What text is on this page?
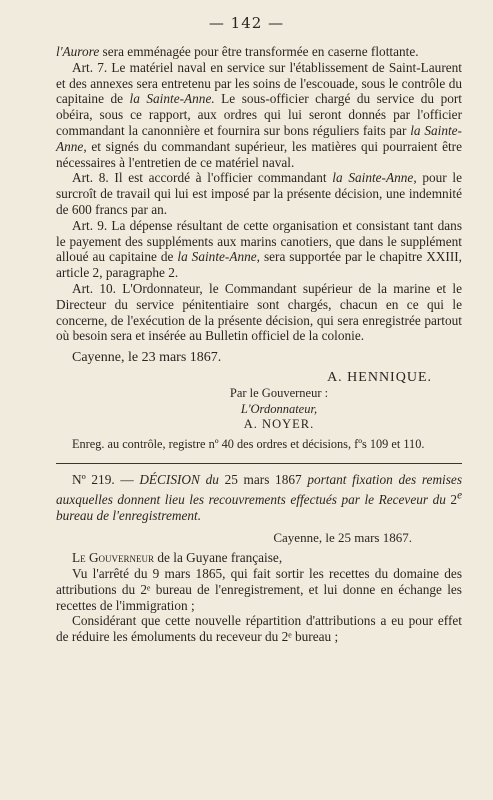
— 142 —

l'Aurore sera emménagée pour être transformée en caserne flottante.

Art. 7. Le matériel naval en service sur l'établissement de Saint-Laurent et des annexes sera entretenu par les soins de l'escouade, sous le contrôle du capitaine de la Sainte-Anne. Le sous-officier chargé du service du port obéira, sous ce rapport, aux ordres qui lui seront donnés par l'officier commandant la canonnière et fournira sur bons réguliers faits par la Sainte-Anne, et signés du commandant supérieur, les matières qui pourraient être nécessaires à l'entretien de ce matériel naval.

Art. 8. Il est accordé à l'officier commandant la Sainte-Anne, pour le surcroît de travail qui lui est imposé par la présente décision, une indemnité de 600 francs par an.

Art. 9. La dépense résultant de cette organisation et consistant tant dans le payement des suppléments aux marins canotiers, que dans le supplément alloué au capitaine de la Sainte-Anne, sera supportée par le chapitre XXIII, article 2, paragraphe 2.

Art. 10. L'Ordonnateur, le Commandant supérieur de la marine et le Directeur du service pénitentiaire sont chargés, chacun en ce qui le concerne, de l'exécution de la présente décision, qui sera enregistrée partout où besoin sera et insérée au Bulletin officiel de la colonie.

Cayenne, le 23 mars 1867.
A. HENNIQUE.
Par le Gouverneur :
L'Ordonnateur,
A. NOYER.
Enreg. au contrôle, registre nº 40 des ordres et décisions, fºs 109 et 110.

Nº 219. — DÉCISION du 25 mars 1867 portant fixation des remises auxquelles donnent lieu les recouvrements effectués par le Receveur du 2e bureau de l'enregistrement.

Cayenne, le 25 mars 1867.

Le Gouverneur de la Guyane française,

Vu l'arrêté du 9 mars 1865, qui fait sortir les recettes du domaine des attributions du 2ᵉ bureau de l'enregistrement, et lui donne en échange les recettes de l'immigration ;

Considérant que cette nouvelle répartition d'attributions a eu pour effet de réduire les émoluments du receveur du 2ᵉ bureau ;
